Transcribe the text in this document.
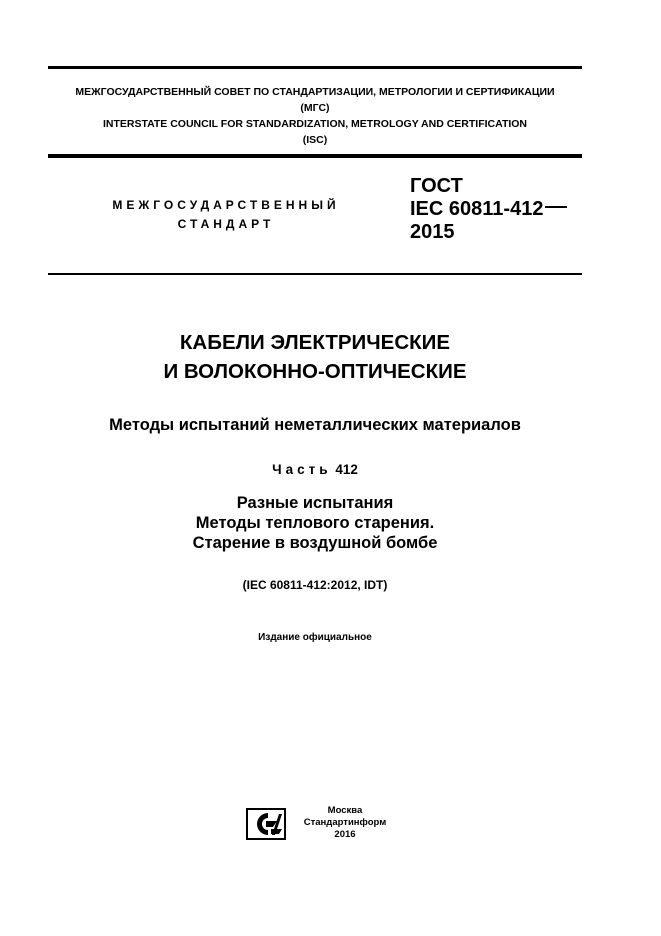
МЕЖГОСУДАРСТВЕННЫЙ СОВЕТ ПО СТАНДАРТИЗАЦИИ, МЕТРОЛОГИИ И СЕРТИФИКАЦИИ
(МГС)
INTERSTATE COUNCIL FOR STANDARDIZATION, METROLOGY AND CERTIFICATION
(ISC)
МЕЖГОСУДАРСТВЕННЫЙ
СТАНДАРТ
ГОСТ
IEC 60811-412
2015
КАБЕЛИ ЭЛЕКТРИЧЕСКИЕ
И ВОЛОКОННО-ОПТИЧЕСКИЕ
Методы испытаний неметаллических материалов
Часть 412
Разные испытания
Методы теплового старения.
Старение в воздушной бомбе
(IEC 60811-412:2012, IDT)
Издание официальное
Москва
Стандартинформ
2016
